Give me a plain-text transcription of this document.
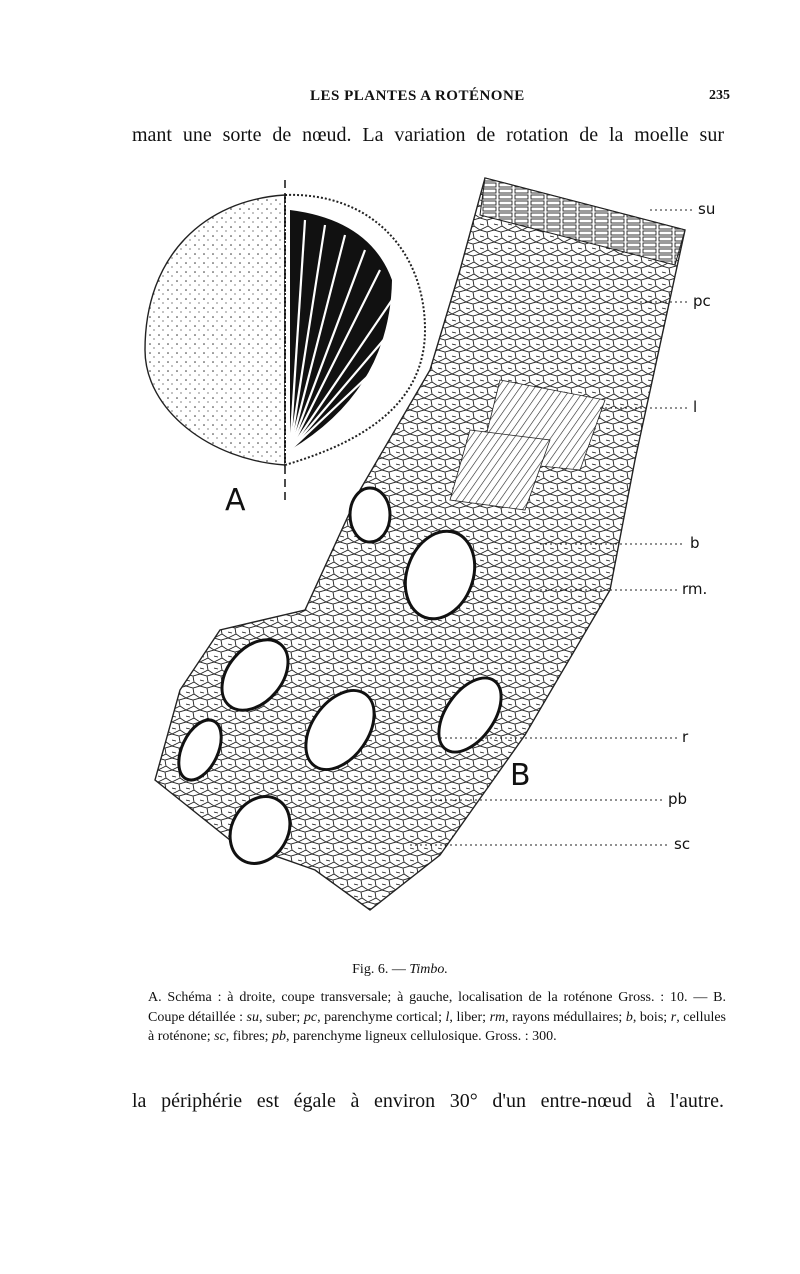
LES PLANTES A ROTÉNONE	235
mant une sorte de nœud. La variation de rotation de la moelle sur
A
B
su
pc
l
b
rm.
r
pb
sc
Fig. 6. — Timbo.
A. Schéma : à droite, coupe transversale; à gauche, localisation de la roténone Gross. : 10. — B. Coupe détaillée : su, suber; pc, parenchyme cortical; l, liber; rm, rayons médullaires; b, bois; r, cellules à roténone; sc, fibres; pb, parenchyme ligneux cellulosique. Gross. : 300.
la périphérie est égale à environ 30° d'un entre-nœud à l'autre.
